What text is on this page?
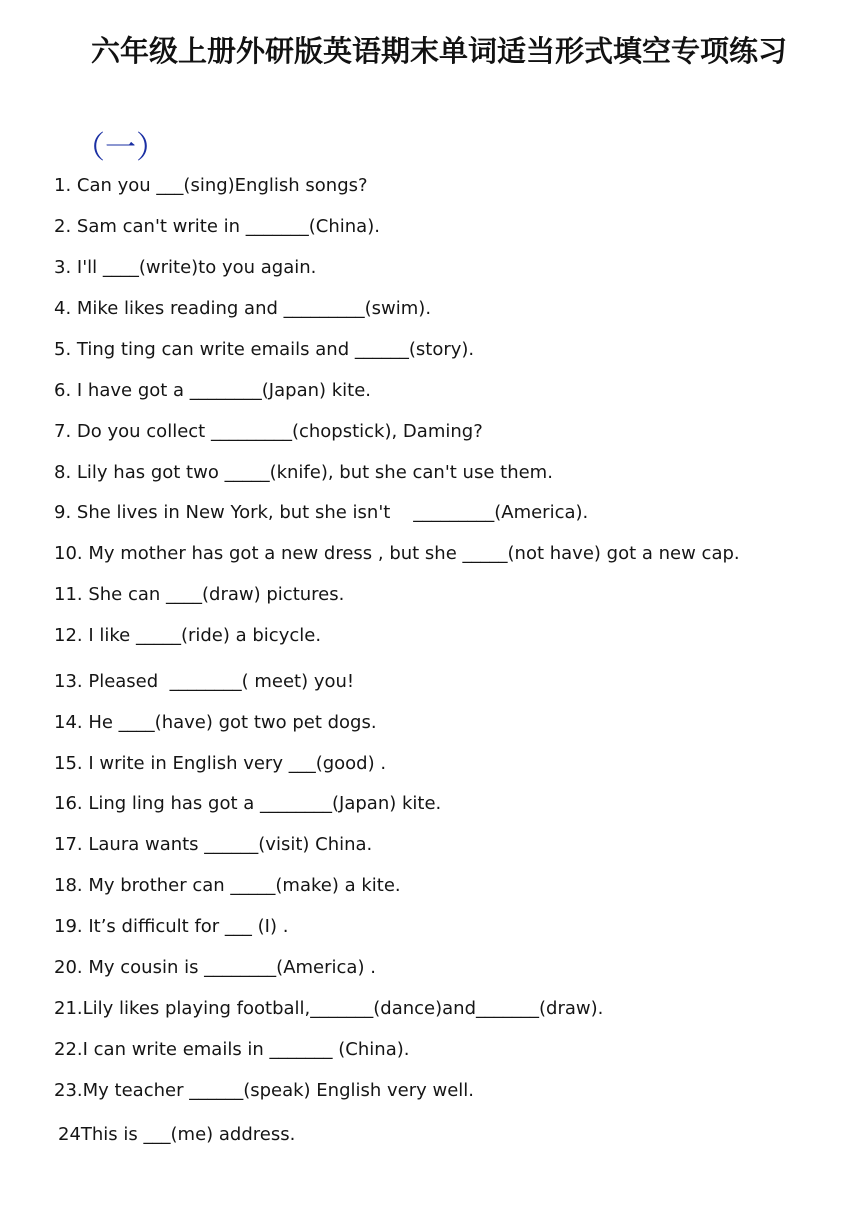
六年级上册外研版英语期末单词适当形式填空专项练习
（一）
1. Can you ___(sing)English songs?
2. Sam can't write in _______(China).
3. I'll ____(write)to you again.
4. Mike likes reading and _________(swim).
5. Ting ting can write emails and ______(story).
6. I have got a ________(Japan) kite.
7. Do you collect _________(chopstick), Daming?
8. Lily has got two _____(knife), but she can't use them.
9. She lives in New York, but she isn't    _________(America).
10. My mother has got a new dress , but she _____(not have) got a new cap.
11. She can ____(draw) pictures.
12. I like _____(ride) a bicycle.
13. Pleased  ________( meet) you!
14. He ____(have) got two pet dogs.
15. I write in English very ___(good) .
16. Ling ling has got a ________(Japan) kite.
17. Laura wants ______(visit) China.
18. My brother can _____(make) a kite.
19. It’s difficult for ___ (I) .
20. My cousin is ________(America) .
21.Lily likes playing football,_______(dance)and_______(draw).
22.I can write emails in _______ (China).
23.My teacher ______(speak) English very well.
24This is ___(me) address.
